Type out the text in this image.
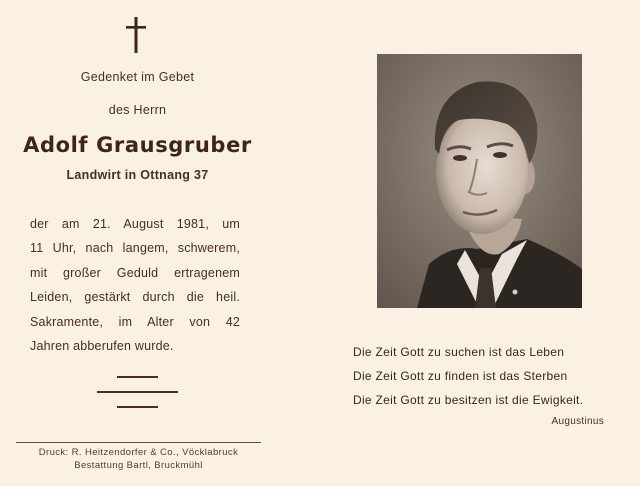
Gedenket im Gebet
des Herrn
Adolf Grausgruber
Landwirt in Ottnang 37
der am 21. August 1981, um
11 Uhr, nach langem, schwerem,
mit großer Geduld ertragenem
Leiden, gestärkt durch die heil.
Sakramente, im Alter von 42
Jahren abberufen wurde.
Druck: R. Heitzendorfer & Co., Vöcklabruck
Bestattung Bartl, Bruckmühl
Die Zeit Gott zu suchen ist das Leben
Die Zeit Gott zu finden ist das Sterben
Die Zeit Gott zu besitzen ist die Ewigkeit.
Augustinus
